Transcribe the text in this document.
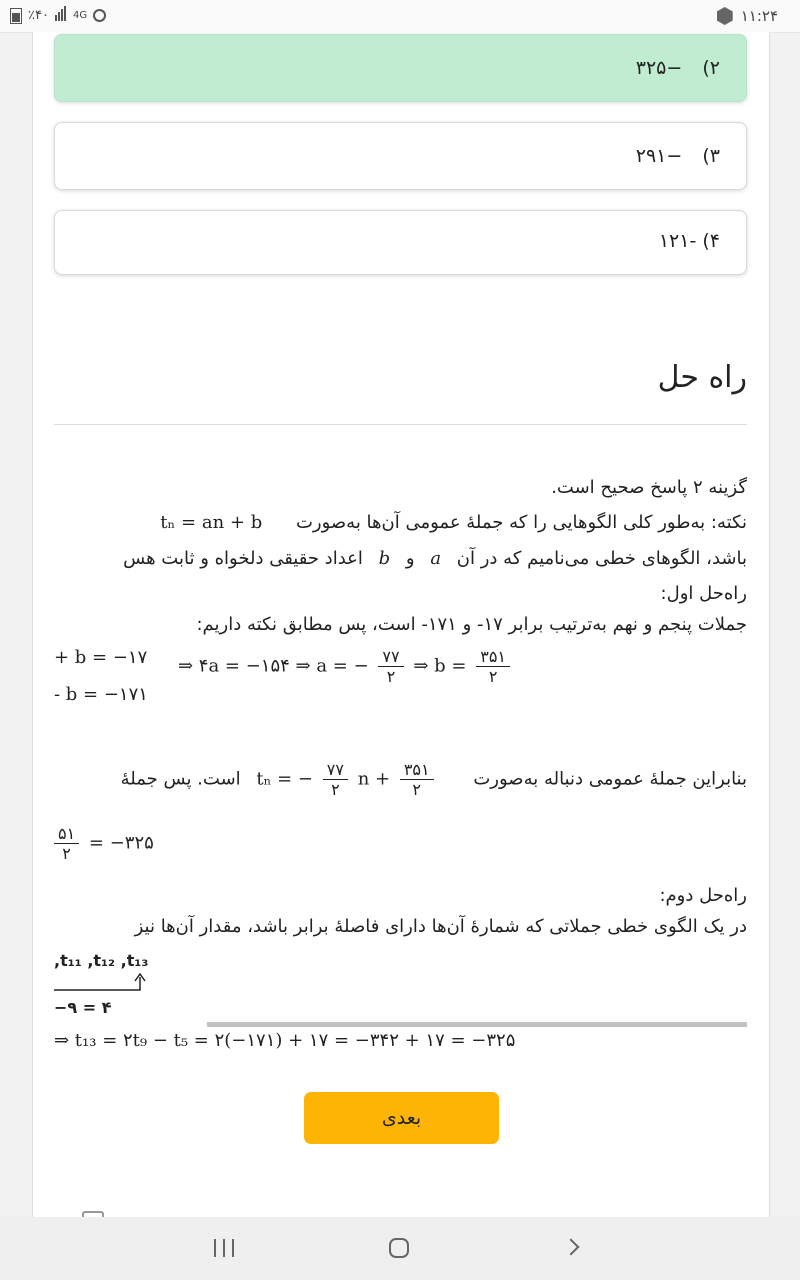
٪۴۰ 4G	۱۱:۲۴
۲) −۳۲۵
۳) −۲۹۱
۴) -۱۲۱
راه حل
گزینه ۲ پاسخ صحیح است.
نکته: به‌طور کلی الگوهایی را که جملهٔ عمومی آن‌ها به‌صورت tₙ = an + b
باشد، الگوهای خطی می‌نامیم که در آن a و b اعداد حقیقی دلخواه و ثابت هس
راه‌حل اول:
جملات پنجم و نهم به‌ترتیب برابر ۱۷- و ۱۷۱- است، پس مطابق نکته داریم:
+ b = −۱۷
- b = −۱۷۱
⇒ ۴a = −۱۵۴ ⇒ a = − $\frac{۷۷}{۲}$ ⇒ $b = \frac{۳۵۱}{۲}$
بنابراین جملهٔ عمومی دنباله به‌صورت tₙ = − $\frac{۷۷}{۲}$ $n + \frac{۳۵۱}{۲}$
است. پس جملهٔ
$\frac{۵۱}{۲}$ = −۳۲۵
راه‌حل دوم:
در یک الگوی خطی جملاتی که شمارهٔ آن‌ها دارای فاصلهٔ برابر باشد، مقدار آن‌ها نیز
,t₁₁ ,t₁₂ ,t₁₃
−۹ = ۴
⇒ t₁₃ = ۲t₉ − t₅ = ۲(−۱۷۱) + ۱۷ = −۳۴۲ + ۱۷ = −۳۲۵
بعدی
